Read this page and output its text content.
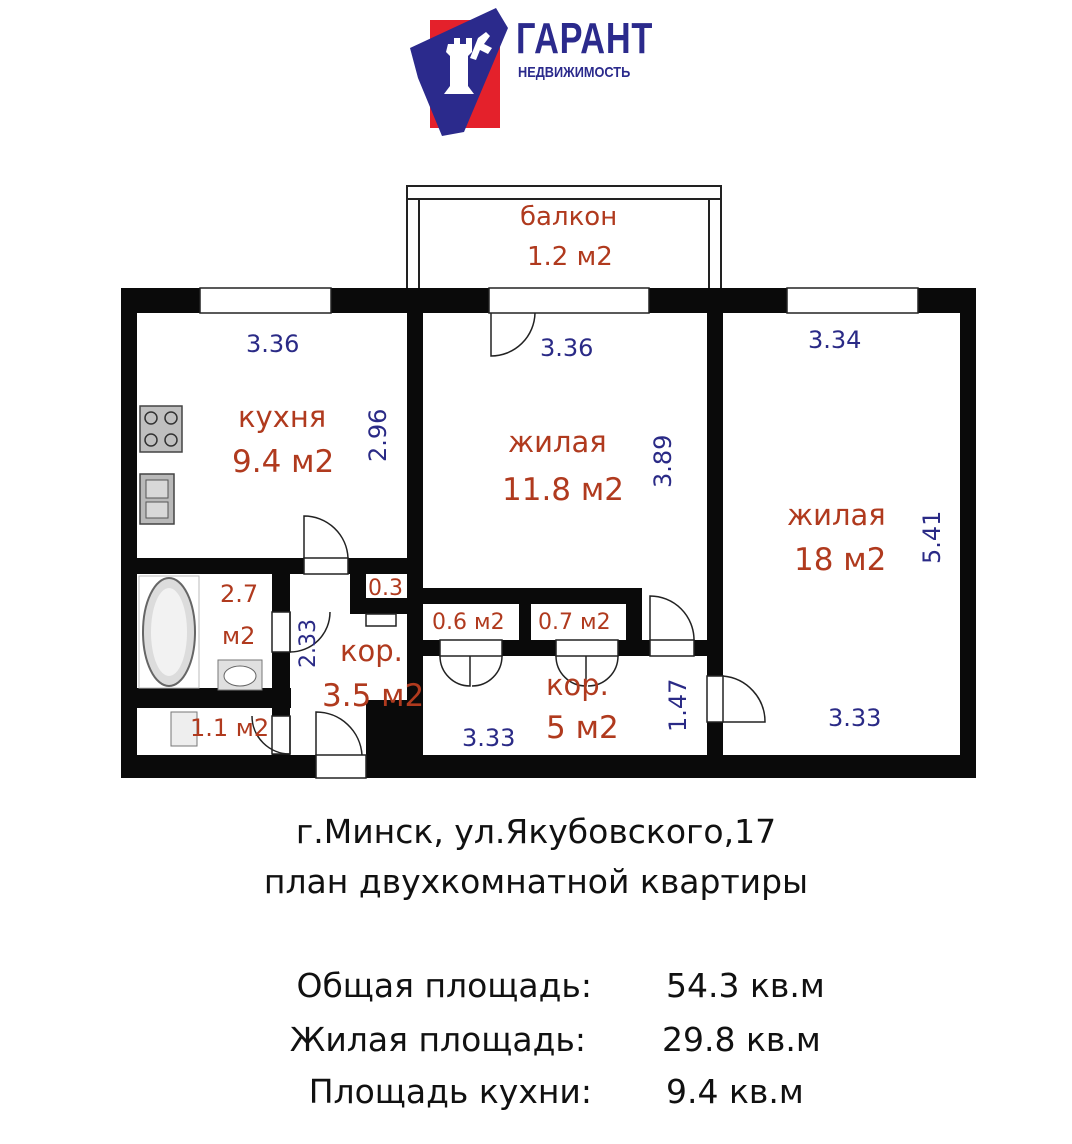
ГАРАНТ
НЕДВИЖИМОСТЬ
балкон
1.2 м2
3.36
кухня
9.4 м2 2.96
3.36
жилая
11.8 м2
3.89
3.34
жилая
18 м2 5.41
3.33
2.7
м2
1.1 м2
0.3
0.6 м2 0.7 м2
2.33 кор.
3.5 м2	кор.
5 м2
3.33
1.47
г.Минск, ул.Якубовского,17
план двухкомнатной квартиры
Общая площадь: 54.3 кв.м
Жилая площадь: 29.8 кв.м
Площадь кухни: 9.4 кв.м
